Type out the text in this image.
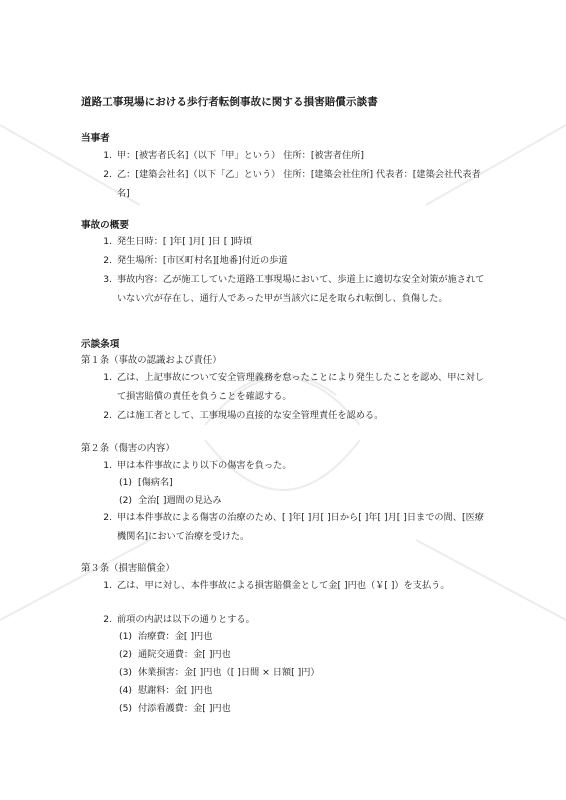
道路工事現場における歩行者転倒事故に関する損害賠償示談書
当事者
1. 甲：[被害者氏名]（以下「甲」という） 住所：[被害者住所]
2. 乙：[建築会社名]（以下「乙」という） 住所：[建築会社住所] 代表者：[建築会社代表者名]
事故の概要
1. 発生日時：[ ]年[ ]月[ ]日 [ ]時頃
2. 発生場所：[市区町村名][地番]付近の歩道
3. 事故内容：乙が施工していた道路工事現場において、歩道上に適切な安全対策が施されていない穴が存在し、通行人であった甲が当該穴に足を取られ転倒し、負傷した。
示談条項
第１条（事故の認識および責任）
1. 乙は、上記事故について安全管理義務を怠ったことにより発生したことを認め、甲に対して損害賠償の責任を負うことを確認する。
2. 乙は施工者として、工事現場の直接的な安全管理責任を認める。
第２条（傷害の内容）
1. 甲は本件事故により以下の傷害を負った。
(1) [傷病名]
(2) 全治[ ]週間の見込み
2. 甲は本件事故による傷害の治療のため、[ ]年[ ]月[ ]日から[ ]年[ ]月[ ]日までの間、[医療機関名]において治療を受けた。
第３条（損害賠償金）
1. 乙は、甲に対し、本件事故による損害賠償金として金[ ]円也（￥[ ]）を支払う。
2. 前項の内訳は以下の通りとする。
(1) 治療費：金[ ]円也
(2) 通院交通費：金[ ]円也
(3) 休業損害：金[ ]円也（[ ]日間 × 日額[ ]円）
(4) 慰謝料：金[ ]円也
(5) 付添看護費：金[ ]円也
